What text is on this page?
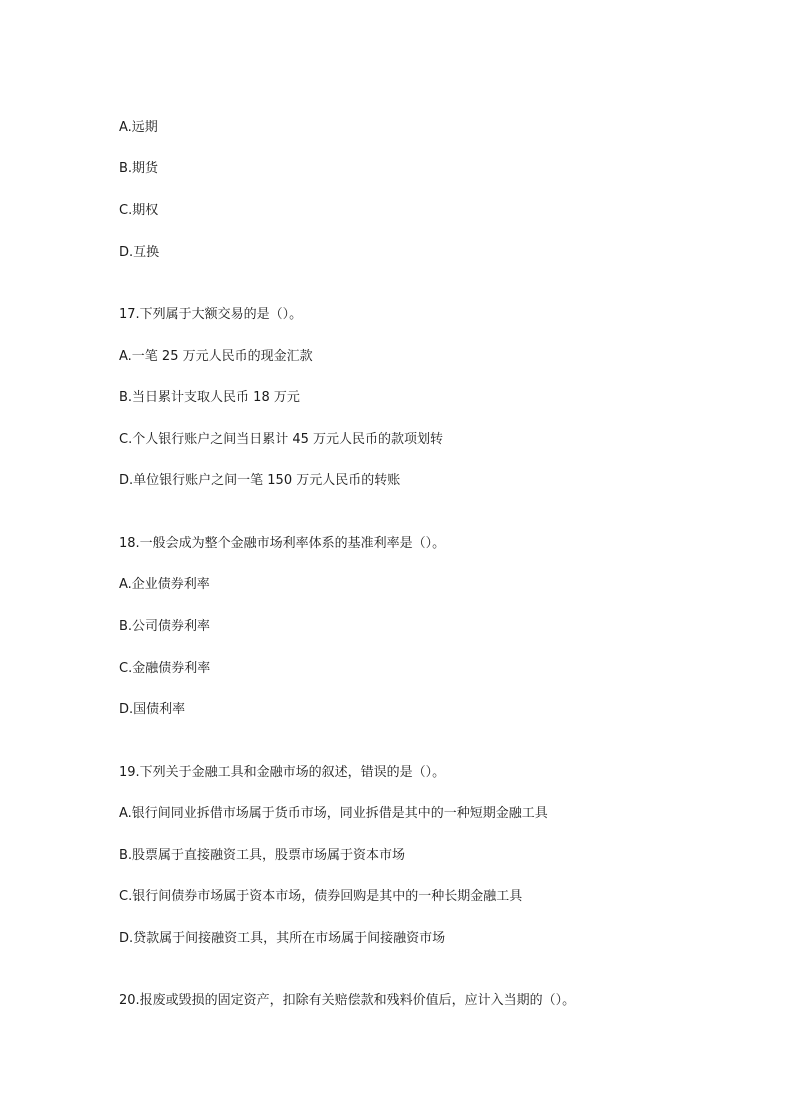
A.远期
B.期货
C.期权
D.互换
17.下列属于大额交易的是（）。
A.一笔 25 万元人民币的现金汇款
B.当日累计支取人民币 18 万元
C.个人银行账户之间当日累计 45 万元人民币的款项划转
D.单位银行账户之间一笔 150 万元人民币的转账
18.一般会成为整个金融市场利率体系的基准利率是（）。
A.企业债券利率
B.公司债券利率
C.金融债券利率
D.国债利率
19.下列关于金融工具和金融市场的叙述，错误的是（）。
A.银行间同业拆借市场属于货币市场，同业拆借是其中的一种短期金融工具
B.股票属于直接融资工具，股票市场属于资本市场
C.银行间债券市场属于资本市场，债券回购是其中的一种长期金融工具
D.贷款属于间接融资工具，其所在市场属于间接融资市场
20.报废或毁损的固定资产，扣除有关赔偿款和残料价值后，应计入当期的（）。
